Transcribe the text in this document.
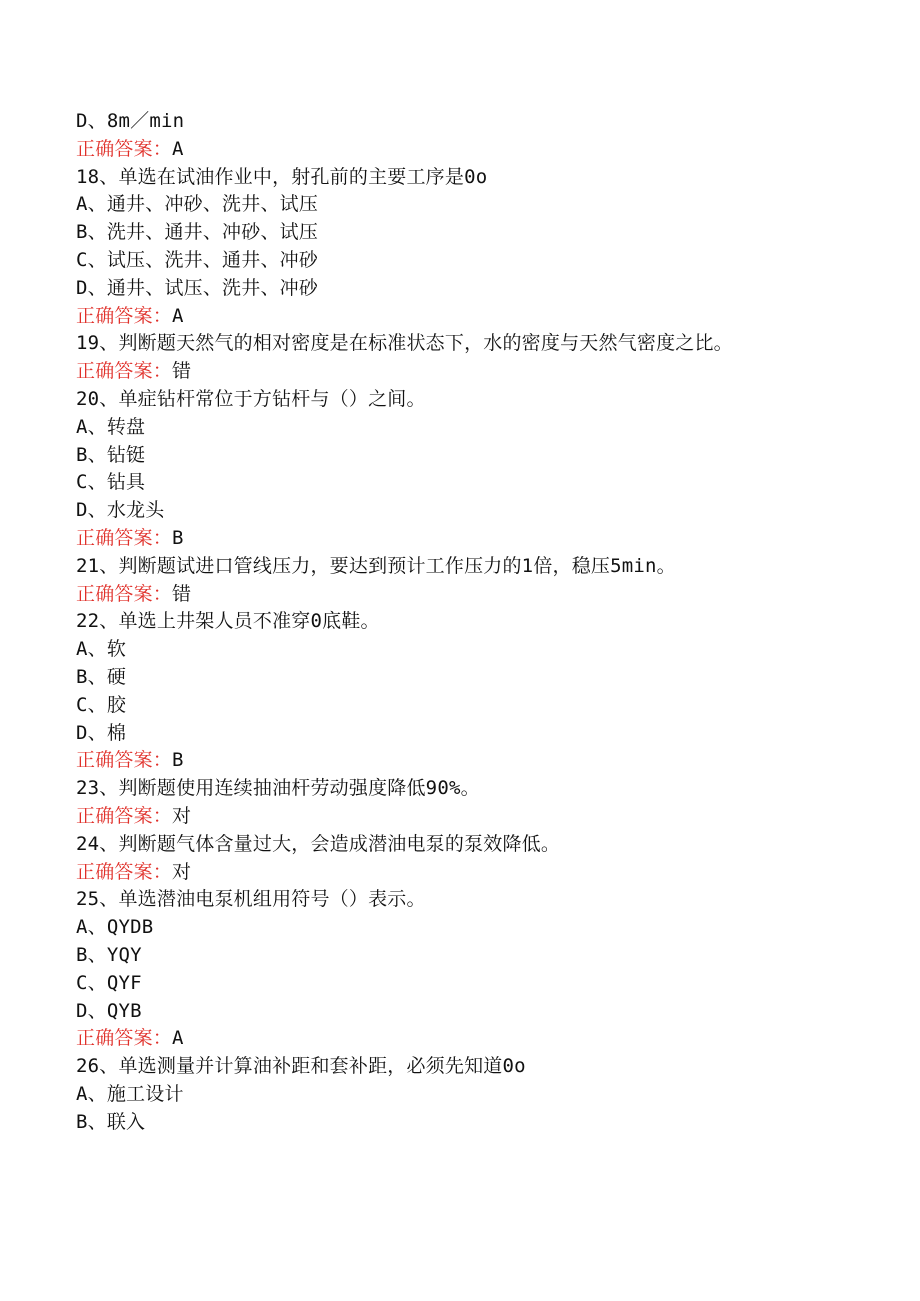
D、8m／min
正确答案：A
18、单选在试油作业中，射孔前的主要工序是0o
A、通井、冲砂、洗井、试压
B、洗井、通井、冲砂、试压
C、试压、洗井、通井、冲砂
D、通井、试压、洗井、冲砂
正确答案：A
19、判断题天然气的相对密度是在标准状态下，水的密度与天然气密度之比。
正确答案：错
20、单症钻杆常位于方钻杆与（）之间。
A、转盘
B、钻铤
C、钻具
D、水龙头
正确答案：B
21、判断题试进口管线压力，要达到预计工作压力的1倍，稳压5min。
正确答案：错
22、单选上井架人员不准穿0底鞋。
A、软
B、硬
C、胶
D、棉
正确答案：B
23、判断题使用连续抽油杆劳动强度降低90%。
正确答案：对
24、判断题气体含量过大，会造成潜油电泵的泵效降低。
正确答案：对
25、单选潜油电泵机组用符号（）表示。
A、QYDB
B、YQY
C、QYF
D、QYB
正确答案：A
26、单选测量并计算油补距和套补距，必须先知道0o
A、施工设计
B、联入
